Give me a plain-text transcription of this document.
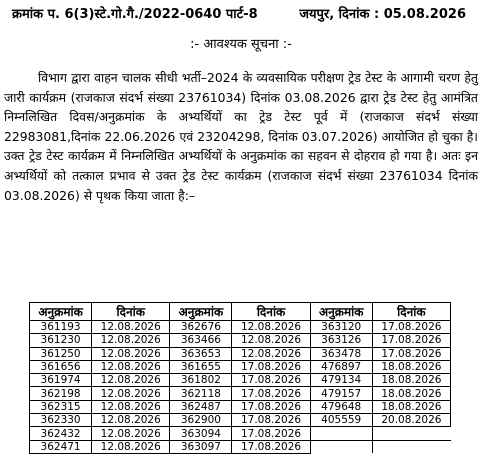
क्रमांक प. 6(3)स्टे.गो.गै./2022-0640 पार्ट-8	जयपुर, दिनांक : 05.08.2026
:- आवश्यक सूचना :-

विभाग द्वारा वाहन चालक सीधी भर्ती–2024 के व्यवसायिक परीक्षण ट्रेड टेस्ट के आगामी चरण हेतु जारी कार्यक्रम (राजकाज संदर्भ संख्या 23761034) दिनांक 03.08.2026 द्वारा ट्रेड टेस्ट हेतु आमंत्रित निम्नलिखित दिवस/अनुक्रमांक के अभ्यर्थियों का ट्रेड टेस्ट पूर्व में (राजकाज संदर्भ संख्या 22983081,दिनांक 22.06.2026 एवं 23204298, दिनांक 03.07.2026) आयोजित हो चुका है। उक्त ट्रेड टेस्ट कार्यक्रम में निम्नलिखित अभ्यर्थियों के अनुक्रमांक का सहवन से दोहराव हो गया है। अतः इन अभ्यर्थियों को तत्काल प्रभाव से उक्त ट्रेड टेस्ट कार्यक्रम (राजकाज संदर्भ संख्या 23761034 दिनांक 03.08.2026) से पृथक किया जाता है:–

अनुक्रमांक	दिनांक	अनुक्रमांक	दिनांक	अनुक्रमांक	दिनांक
361193	12.08.2026	362676	12.08.2026	363120	17.08.2026
361230	12.08.2026	363466	12.08.2026	363126	17.08.2026
361250	12.08.2026	363653	12.08.2026	363478	17.08.2026
361656	12.08.2026	361655	17.08.2026	476897	18.08.2026
361974	12.08.2026	361802	17.08.2026	479134	18.08.2026
362198	12.08.2026	362118	17.08.2026	479157	18.08.2026
362315	12.08.2026	362487	17.08.2026	479648	18.08.2026
362330	12.08.2026	362900	17.08.2026	405559	20.08.2026
362432	12.08.2026	363094	17.08.2026		
362471	12.08.2026	363097	17.08.2026		
